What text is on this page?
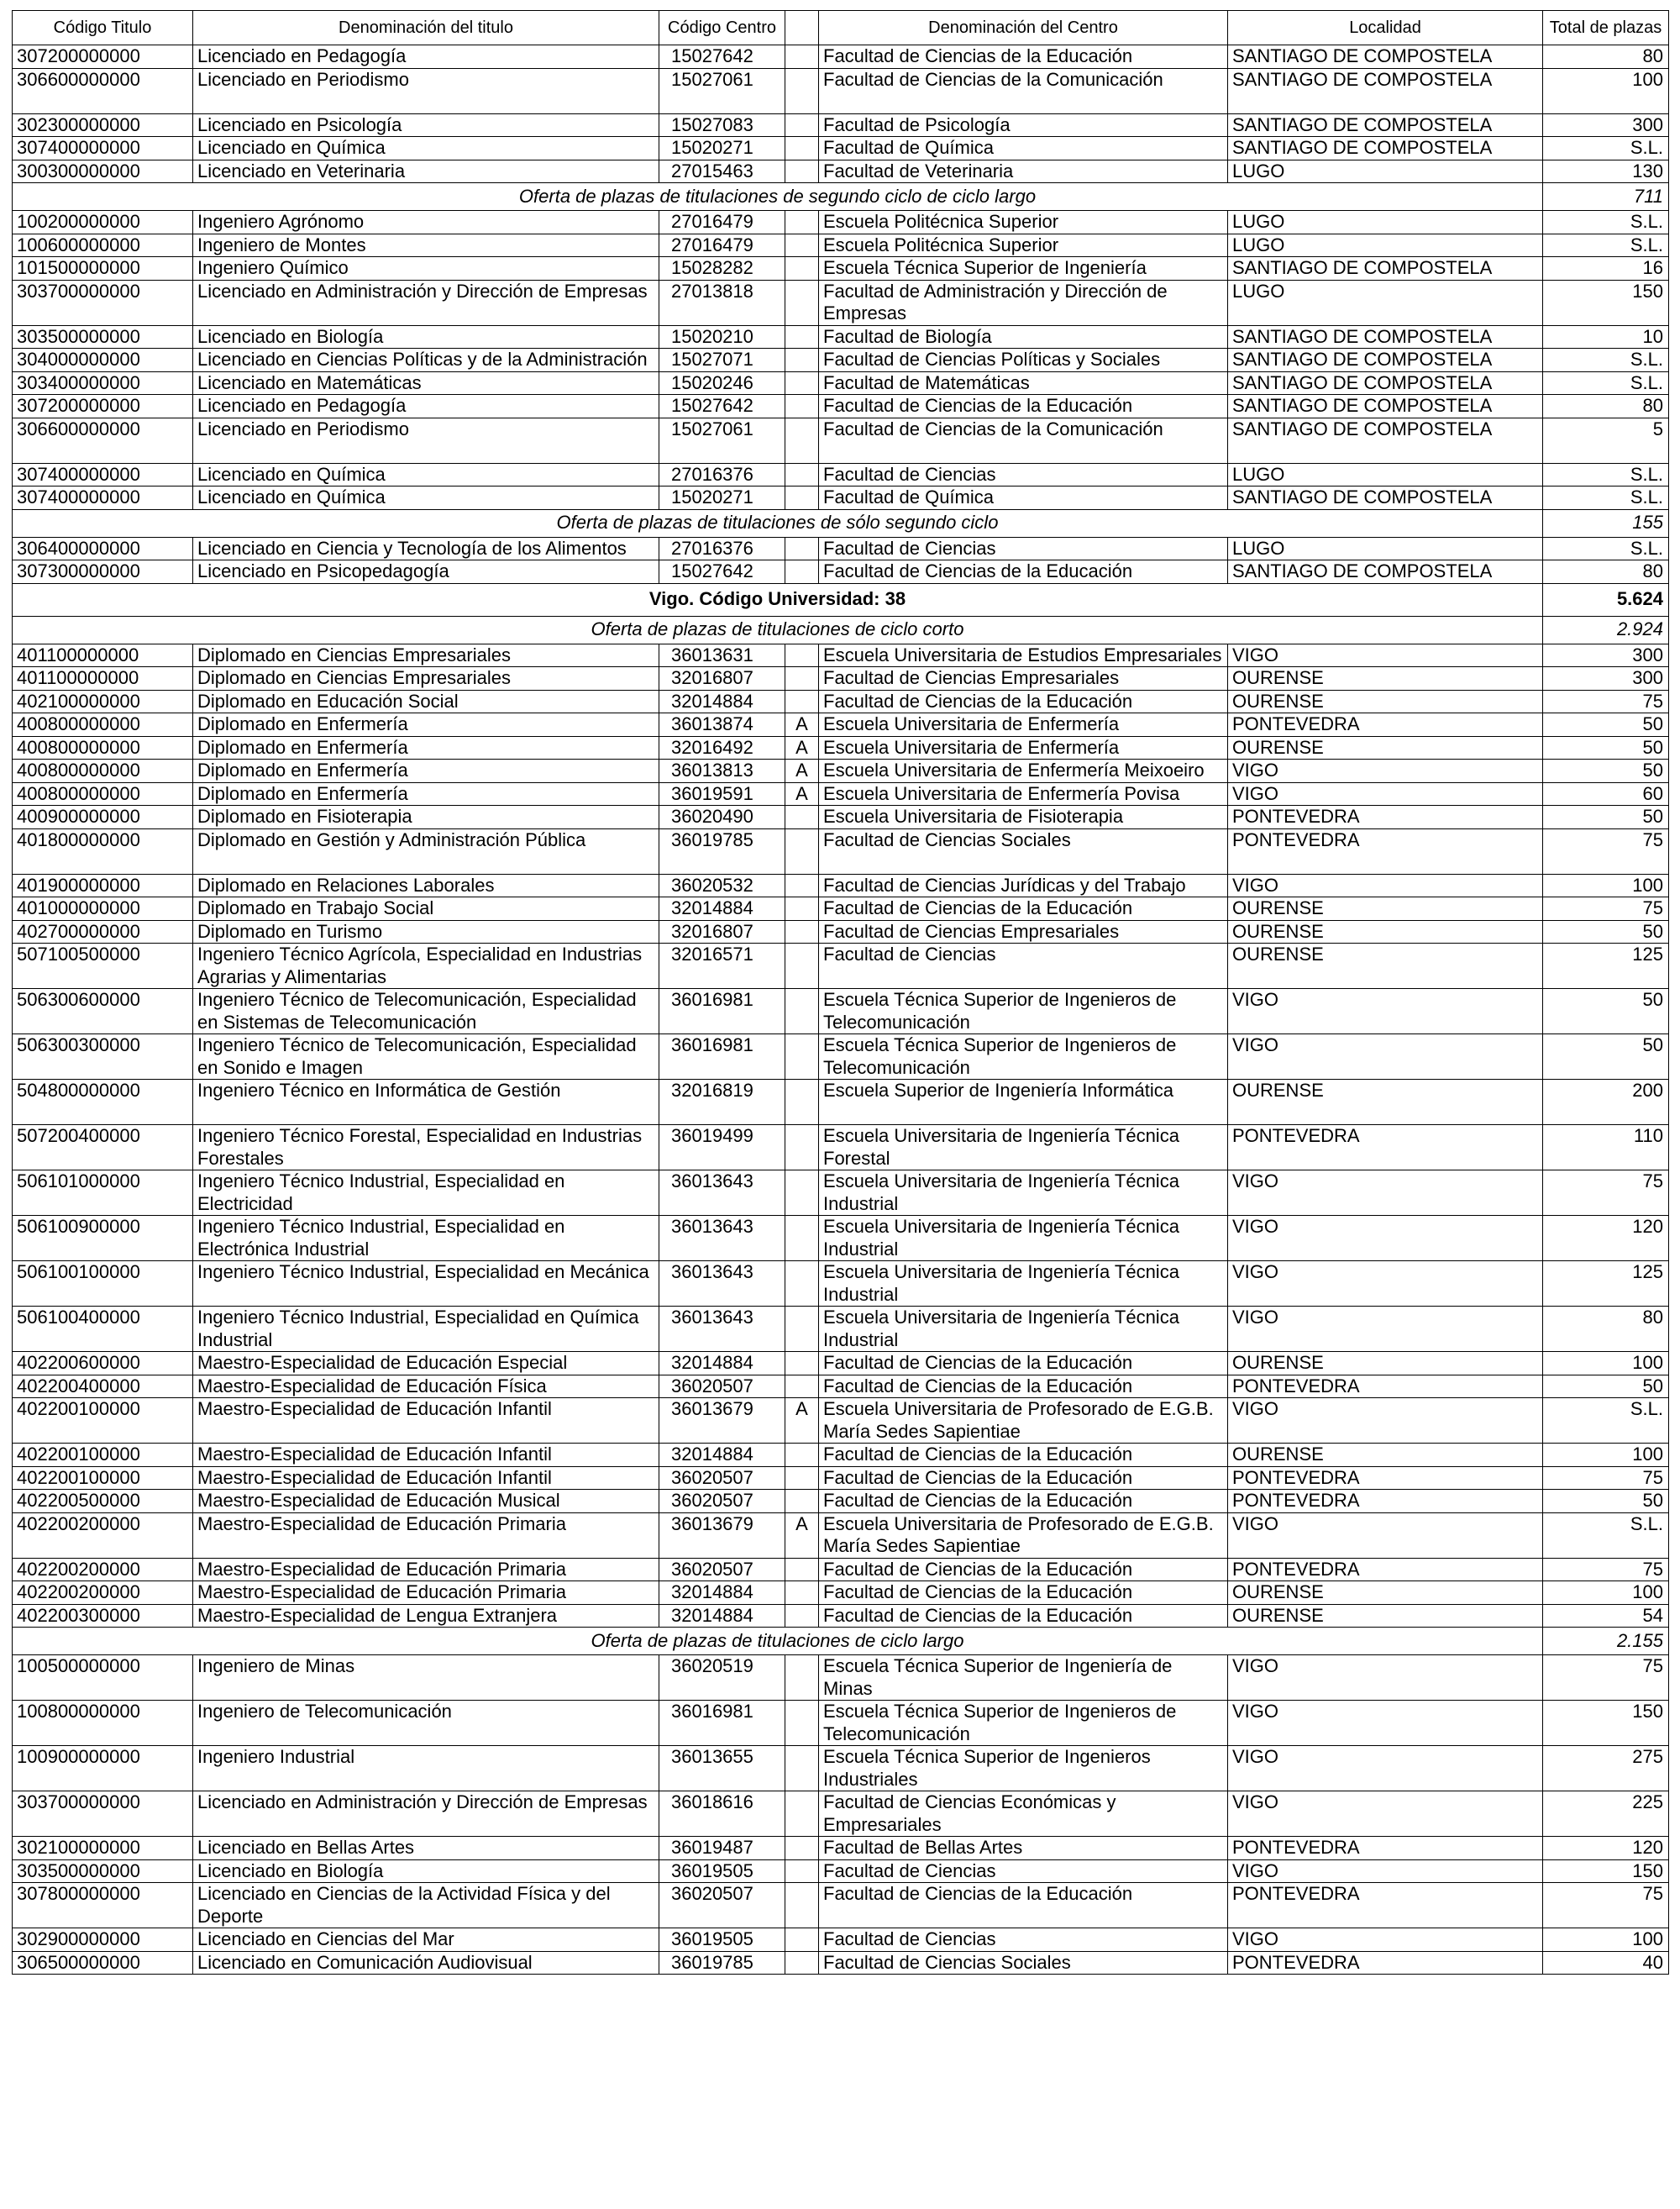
Código Titulo	Denominación del titulo	Código Centro		Denominación del Centro	Localidad	Total de plazas
307200000000	Licenciado en Pedagogía	15027642		Facultad de Ciencias de la Educación	SANTIAGO DE COMPOSTELA	80
306600000000	Licenciado en Periodismo	15027061		Facultad de Ciencias de la Comunicación	SANTIAGO DE COMPOSTELA	100
302300000000	Licenciado en Psicología	15027083		Facultad de Psicología	SANTIAGO DE COMPOSTELA	300
307400000000	Licenciado en Química	15020271		Facultad de Química	SANTIAGO DE COMPOSTELA	S.L.
300300000000	Licenciado en Veterinaria	27015463		Facultad de Veterinaria	LUGO	130
Oferta de plazas de titulaciones de segundo ciclo de ciclo largo						711
100200000000	Ingeniero Agrónomo	27016479		Escuela Politécnica Superior	LUGO	S.L.
100600000000	Ingeniero de Montes	27016479		Escuela Politécnica Superior	LUGO	S.L.
101500000000	Ingeniero Químico	15028282		Escuela Técnica Superior de Ingeniería	SANTIAGO DE COMPOSTELA	16
303700000000	Licenciado en Administración y Dirección de Empresas	27013818		Facultad de Administración y Dirección de Empresas	LUGO	150
303500000000	Licenciado en Biología	15020210		Facultad de Biología	SANTIAGO DE COMPOSTELA	10
304000000000	Licenciado en Ciencias Políticas y de la Administración	15027071		Facultad de Ciencias Políticas y Sociales	SANTIAGO DE COMPOSTELA	S.L.
303400000000	Licenciado en Matemáticas	15020246		Facultad de Matemáticas	SANTIAGO DE COMPOSTELA	S.L.
307200000000	Licenciado en Pedagogía	15027642		Facultad de Ciencias de la Educación	SANTIAGO DE COMPOSTELA	80
306600000000	Licenciado en Periodismo	15027061		Facultad de Ciencias de la Comunicación	SANTIAGO DE COMPOSTELA	5
307400000000	Licenciado en Química	27016376		Facultad de Ciencias	LUGO	S.L.
307400000000	Licenciado en Química	15020271		Facultad de Química	SANTIAGO DE COMPOSTELA	S.L.
Oferta de plazas de titulaciones de sólo segundo ciclo						155
306400000000	Licenciado en Ciencia y Tecnología de los Alimentos	27016376		Facultad de Ciencias	LUGO	S.L.
307300000000	Licenciado en Psicopedagogía	15027642		Facultad de Ciencias de la Educación	SANTIAGO DE COMPOSTELA	80
Vigo. Código Universidad: 38						5.624
Oferta de plazas de titulaciones de ciclo corto						2.924
401100000000	Diplomado en Ciencias Empresariales	36013631		Escuela Universitaria de Estudios Empresariales	VIGO	300
401100000000	Diplomado en Ciencias Empresariales	32016807		Facultad de Ciencias Empresariales	OURENSE	300
402100000000	Diplomado en Educación Social	32014884		Facultad de Ciencias de la Educación	OURENSE	75
400800000000	Diplomado en Enfermería	36013874	A	Escuela Universitaria de Enfermería	PONTEVEDRA	50
400800000000	Diplomado en Enfermería	32016492	A	Escuela Universitaria de Enfermería	OURENSE	50
400800000000	Diplomado en Enfermería	36013813	A	Escuela Universitaria de Enfermería Meixoeiro	VIGO	50
400800000000	Diplomado en Enfermería	36019591	A	Escuela Universitaria de Enfermería Povisa	VIGO	60
400900000000	Diplomado en Fisioterapia	36020490		Escuela Universitaria de Fisioterapia	PONTEVEDRA	50
401800000000	Diplomado en Gestión y Administración Pública	36019785		Facultad de Ciencias Sociales	PONTEVEDRA	75
401900000000	Diplomado en Relaciones Laborales	36020532		Facultad de Ciencias Jurídicas y del Trabajo	VIGO	100
401000000000	Diplomado en Trabajo Social	32014884		Facultad de Ciencias de la Educación	OURENSE	75
402700000000	Diplomado en Turismo	32016807		Facultad de Ciencias Empresariales	OURENSE	50
507100500000	Ingeniero Técnico Agrícola, Especialidad en Industrias Agrarias y Alimentarias	32016571		Facultad de Ciencias	OURENSE	125
506300600000	Ingeniero Técnico de Telecomunicación, Especialidad en Sistemas de Telecomunicación	36016981		Escuela Técnica Superior de Ingenieros de Telecomunicación	VIGO	50
506300300000	Ingeniero Técnico de Telecomunicación, Especialidad en Sonido e Imagen	36016981		Escuela Técnica Superior de Ingenieros de Telecomunicación	VIGO	50
504800000000	Ingeniero Técnico en Informática de Gestión	32016819		Escuela Superior de Ingeniería Informática	OURENSE	200
507200400000	Ingeniero Técnico Forestal, Especialidad en Industrias Forestales	36019499		Escuela Universitaria de Ingeniería Técnica Forestal	PONTEVEDRA	110
506101000000	Ingeniero Técnico Industrial, Especialidad en Electricidad	36013643		Escuela Universitaria de Ingeniería Técnica Industrial	VIGO	75
506100900000	Ingeniero Técnico Industrial, Especialidad en Electrónica Industrial	36013643		Escuela Universitaria de Ingeniería Técnica Industrial	VIGO	120
506100100000	Ingeniero Técnico Industrial, Especialidad en Mecánica	36013643		Escuela Universitaria de Ingeniería Técnica Industrial	VIGO	125
506100400000	Ingeniero Técnico Industrial, Especialidad en Química Industrial	36013643		Escuela Universitaria de Ingeniería Técnica Industrial	VIGO	80
402200600000	Maestro-Especialidad de Educación Especial	32014884		Facultad de Ciencias de la Educación	OURENSE	100
402200400000	Maestro-Especialidad de Educación Física	36020507		Facultad de Ciencias de la Educación	PONTEVEDRA	50
402200100000	Maestro-Especialidad de Educación Infantil	36013679	A	Escuela Universitaria de Profesorado de E.G.B. María Sedes Sapientiae	VIGO	S.L.
402200100000	Maestro-Especialidad de Educación Infantil	32014884		Facultad de Ciencias de la Educación	OURENSE	100
402200100000	Maestro-Especialidad de Educación Infantil	36020507		Facultad de Ciencias de la Educación	PONTEVEDRA	75
402200500000	Maestro-Especialidad de Educación Musical	36020507		Facultad de Ciencias de la Educación	PONTEVEDRA	50
402200200000	Maestro-Especialidad de Educación Primaria	36013679	A	Escuela Universitaria de Profesorado de E.G.B. María Sedes Sapientiae	VIGO	S.L.
402200200000	Maestro-Especialidad de Educación Primaria	36020507		Facultad de Ciencias de la Educación	PONTEVEDRA	75
402200200000	Maestro-Especialidad de Educación Primaria	32014884		Facultad de Ciencias de la Educación	OURENSE	100
402200300000	Maestro-Especialidad de Lengua Extranjera	32014884		Facultad de Ciencias de la Educación	OURENSE	54
Oferta de plazas de titulaciones de ciclo largo						2.155
100500000000	Ingeniero de Minas	36020519		Escuela Técnica Superior de Ingeniería de Minas	VIGO	75
100800000000	Ingeniero de Telecomunicación	36016981		Escuela Técnica Superior de Ingenieros de Telecomunicación	VIGO	150
100900000000	Ingeniero Industrial	36013655		Escuela Técnica Superior de Ingenieros Industriales	VIGO	275
303700000000	Licenciado en Administración y Dirección de Empresas	36018616		Facultad de Ciencias Económicas y Empresariales	VIGO	225
302100000000	Licenciado en Bellas Artes	36019487		Facultad de Bellas Artes	PONTEVEDRA	120
303500000000	Licenciado en Biología	36019505		Facultad de Ciencias	VIGO	150
307800000000	Licenciado en Ciencias de la Actividad Física y del Deporte	36020507		Facultad de Ciencias de la Educación	PONTEVEDRA	75
302900000000	Licenciado en Ciencias del Mar	36019505		Facultad de Ciencias	VIGO	100
306500000000	Licenciado en Comunicación Audiovisual	36019785		Facultad de Ciencias Sociales	PONTEVEDRA	40
